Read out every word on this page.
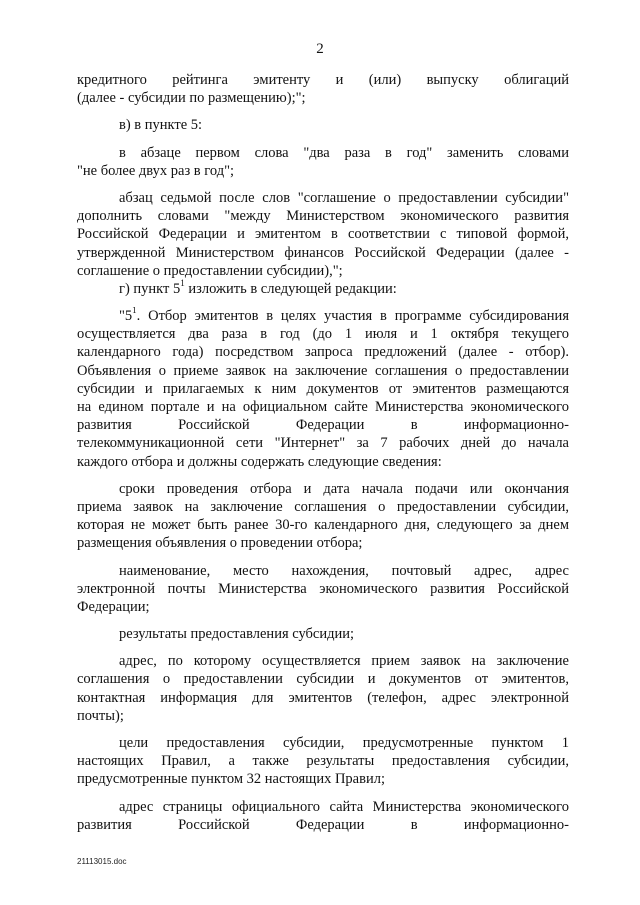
2
кредитного рейтинга эмитенту и (или) выпуску облигаций
(далее - субсидии по размещению);";
в) в пункте 5:
в абзаце первом слова "два раза в год" заменить словами
"не более двух раз в год";
абзац седьмой после слов "соглашение о предоставлении субсидии"
дополнить словами "между Министерством экономического развития
Российской Федерации и эмитентом в соответствии с типовой формой,
утвержденной Министерством финансов Российской Федерации (далее -
соглашение о предоставлении субсидии),";
г) пункт $5^1$ изложить в следующей редакции:
"$5^1$. Отбор эмитентов в целях участия в программе субсидирования
осуществляется два раза в год (до 1 июля и 1 октября текущего
календарного года) посредством запроса предложений (далее - отбор).
Объявления о приеме заявок на заключение соглашения о предоставлении
субсидии и прилагаемых к ним документов от эмитентов размещаются
на едином портале и на официальном сайте Министерства экономического
развития Российской Федерации в информационно-
телекоммуникационной сети "Интернет" за 7 рабочих дней до начала
каждого отбора и должны содержать следующие сведения:
сроки проведения отбора и дата начала подачи или окончания
приема заявок на заключение соглашения о предоставлении субсидии,
которая не может быть ранее 30-го календарного дня, следующего за днем
размещения объявления о проведении отбора;
наименование, место нахождения, почтовый адрес, адрес
электронной почты Министерства экономического развития Российской
Федерации;
результаты предоставления субсидии;
адрес, по которому осуществляется прием заявок на заключение
соглашения о предоставлении субсидии и документов от эмитентов,
контактная информация для эмитентов (телефон, адрес электронной
почты);
цели предоставления субсидии, предусмотренные пунктом 1
настоящих Правил, а также результаты предоставления субсидии,
предусмотренные пунктом 32 настоящих Правил;
адрес страницы официального сайта Министерства экономического
развития Российской Федерации в информационно-
21113015.doc
